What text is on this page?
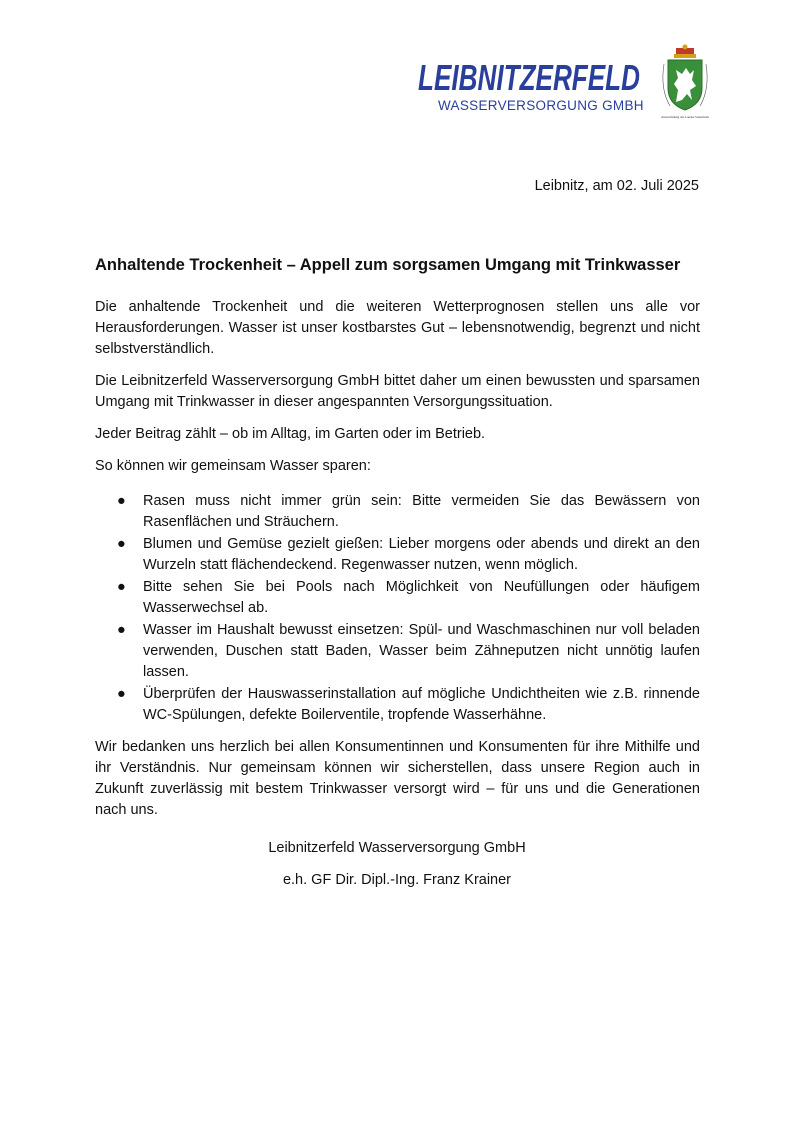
LEIBNITZERFELD
WASSERVERSORGUNG GMBH
Auszeichnung des Landes Steiermark
Leibnitz, am 02. Juli 2025
Anhaltende Trockenheit – Appell zum sorgsamen Umgang mit Trinkwasser

Die anhaltende Trockenheit und die weiteren Wetterprognosen stellen uns alle vor Herausforderungen. Wasser ist unser kostbarstes Gut – lebensnotwendig, begrenzt und nicht selbstverständlich.

Die Leibnitzerfeld Wasserversorgung GmbH bittet daher um einen bewussten und sparsamen Umgang mit Trinkwasser in dieser angespannten Versorgungssituation.

Jeder Beitrag zählt – ob im Alltag, im Garten oder im Betrieb.

So können wir gemeinsam Wasser sparen:

● Rasen muss nicht immer grün sein: Bitte vermeiden Sie das Bewässern von Rasenflächen und Sträuchern.
● Blumen und Gemüse gezielt gießen: Lieber morgens oder abends und direkt an den Wurzeln statt flächendeckend. Regenwasser nutzen, wenn möglich.
● Bitte sehen Sie bei Pools nach Möglichkeit von Neufüllungen oder häufigem Wasserwechsel ab.
● Wasser im Haushalt bewusst einsetzen: Spül- und Waschmaschinen nur voll beladen verwenden, Duschen statt Baden, Wasser beim Zähneputzen nicht unnötig laufen lassen.
● Überprüfen der Hauswasserinstallation auf mögliche Undichtheiten wie z.B. rinnende WC-Spülungen, defekte Boilerventile, tropfende Wasserhähne.

Wir bedanken uns herzlich bei allen Konsumentinnen und Konsumenten für ihre Mithilfe und ihr Verständnis. Nur gemeinsam können wir sicherstellen, dass unsere Region auch in Zukunft zuverlässig mit bestem Trinkwasser versorgt wird – für uns und die Generationen nach uns.

Leibnitzerfeld Wasserversorgung GmbH
e.h. GF Dir. Dipl.-Ing. Franz Krainer
